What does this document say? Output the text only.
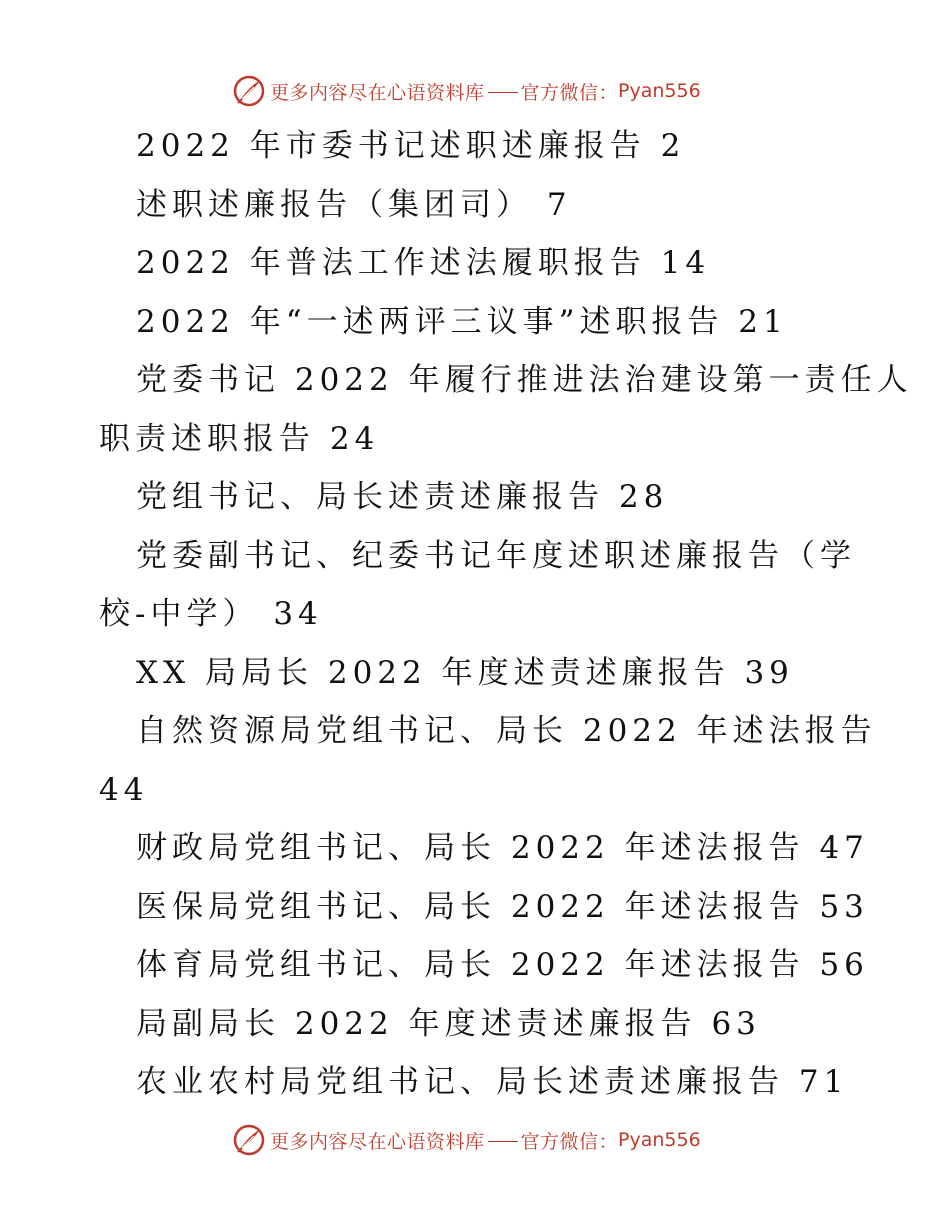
更多内容尽在心语资料库 官方微信： Pyan556
2022 年市委书记述职述廉报告 2
述职述廉报告（集团司） 7
2022 年普法工作述法履职报告 14
2022 年“一述两评三议事”述职报告 21
党委书记 2022 年履行推进法治建设第一责任人
职责述职报告 24
党组书记、局长述责述廉报告 28
党委副书记、纪委书记年度述职述廉报告（学
校-中学） 34
XX 局局长 2022 年度述责述廉报告 39
自然资源局党组书记、局长 2022 年述法报告
44
财政局党组书记、局长 2022 年述法报告 47
医保局党组书记、局长 2022 年述法报告 53
体育局党组书记、局长 2022 年述法报告 56
局副局长 2022 年度述责述廉报告 63
农业农村局党组书记、局长述责述廉报告 71
更多内容尽在心语资料库 官方微信： Pyan556
